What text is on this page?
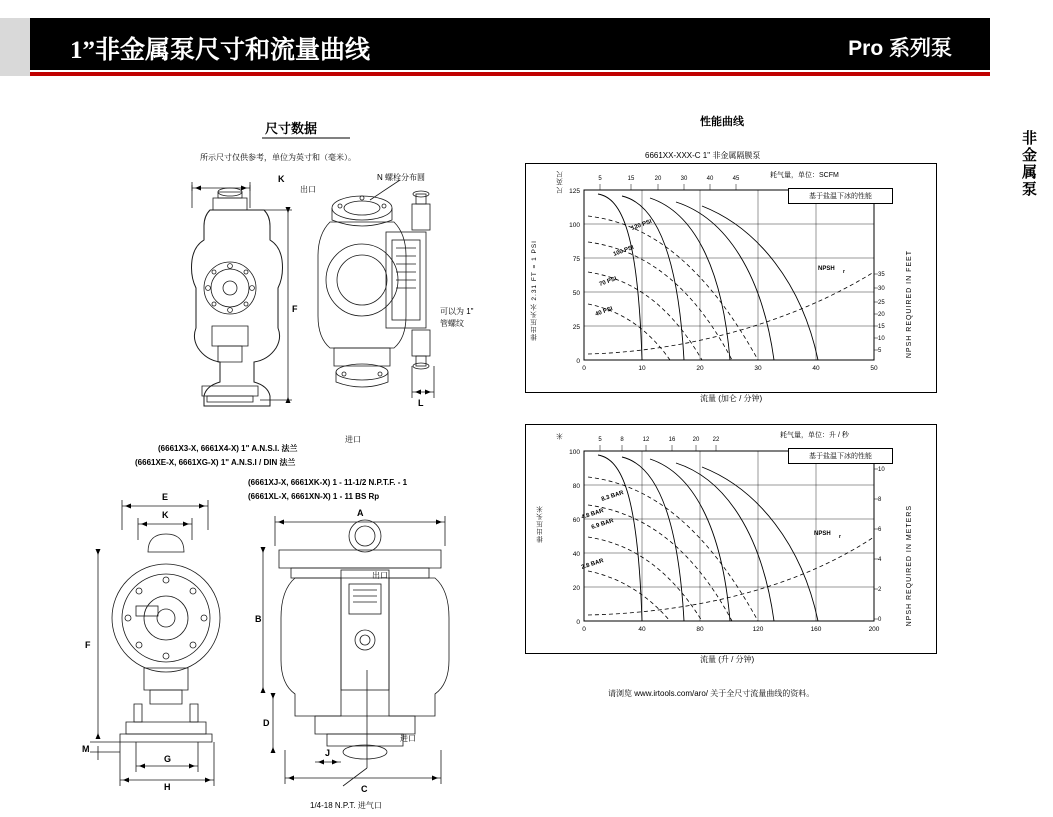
1”非金属泵尺寸和流量曲线	Pro 系列泵
非金属泵
尺寸数据
所示尺寸仅供参考，单位为英寸和（毫米）。
K
F
L
出口
N 螺栓分布圆
可以为 1"
管螺纹
进口
(6661X3-X, 6661X4-X) 1" A.N.S.I. 法兰
(6661XE-X, 6661XG-X) 1" A.N.S.I / DIN 法兰
(6661XJ-X, 6661XK-X) 1 - 11-1/2 N.P.T.F. - 1
(6661XL-X, 6661XN-X) 1 - 11 BS Rp
E
K
F
M
G
H
A
B
D
J
C
出口
进口
1/4-18 N.P.T. 进气口
性能曲线
6661XX-XXX-C 1" 非金属隔膜泵
0
25
50
75
100
125
0	10	20	30	40	50
5	15	20	30	40	45
35
30
25
20
15
10
5
120 PSI
100 PSI
70 PSI
40 PSI
NPSH r
排出压头水 2.31 FT = 1 PSI
英尺
尺
耗气量，单位：SCFM
NPSH REQUIRED IN FEET
流量 (加仑 / 分钟)
基于盐温下冰的性能
0
20
40
60
80
100
0	40	80	120	160	200
5	8	12	16	20 22
10
8
6
4
2
0
8.3 BAR
6.9 BAR
4.8 BAR
2.8 BAR
NPSH r
排出压头米
米	耗气量，单位：升 / 秒
NPSH REQUIRED IN METERS
流量 (升 / 分钟)
基于盐温下冰的性能
请浏览 www.irtools.com/aro/ 关于全尺寸流量曲线的资料。
